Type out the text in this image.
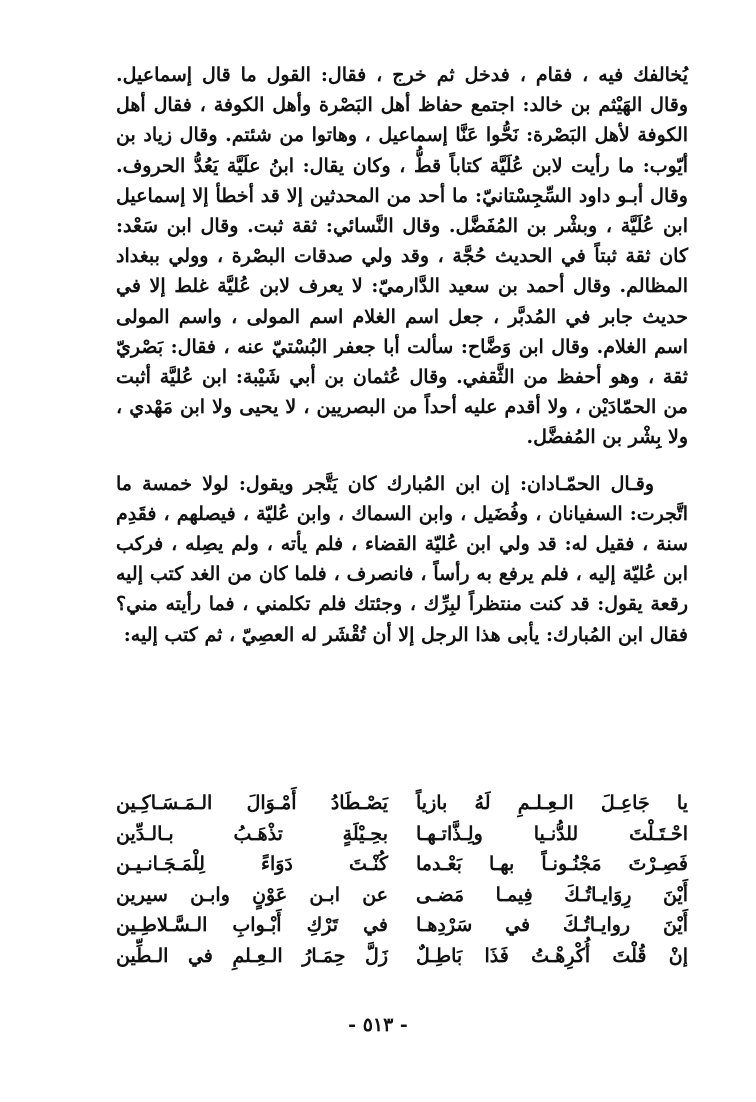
يُخالفك فيه ، فقام ، فدخل ثم خرج ، فقال: القول ما قال إسماعيل. وقال الهَيْثم بن خالد: اجتمع حفاظ أهل البَصْرة وأهل الكوفة ، فقال أهل الكوفة لأهل البَصْرة: نَحُّوا عَنَّا إسماعيل ، وهاتوا من شئتم. وقال زياد بن أيّوب: ما رأيت لابن عُلَيَّة كتاباً قطُّ ، وكان يقال: ابنُ علَيَّة يَعُدُّ الحروف. وقال أبـو داود السِّجِسْتانيّ: ما أحد من المحدثين إلا قد أخطأ إلا إسماعيل ابن عُلَيَّة ، وبشْر بن المُفَضَّل. وقال النَّسائي: ثقة ثبت. وقال ابن سَعْد: كان ثقة ثبتاً في الحديث حُجَّة ، وقد ولي صدقات البصْرة ، وولي ببغداد المظالم. وقال أحمد بن سعيد الدَّارميّ: لا يعرف لابن عُليَّة غلط إلا في حديث جابر في المُدبَّر ، جعل اسم الغلام اسم المولى ، واسم المولى اسم الغلام. وقال ابن وَضَّاح: سألت أبا جعفر البُسْتيّ عنه ، فقال: بَصْريّ ثقة ، وهو أحفظ من الثَّقفي. وقال عُثمان بن أبي شَيْبة: ابن عُليَّة أثبت من الحمّادَيْن ، ولا أقدم عليه أحداً من البصريين ، لا يحيى ولا ابن مَهْدي ، ولا بِشْر بن المُفضَّل.

وقـال الحمّـادان: إن ابن المُبارك كان يَتَّجر ويقول: لولا خمسة ما اتَّجرت: السفيانان ، وفُضَيل ، وابن السماك ، وابن عُليّة ، فيصلهم ، فقَدِم سنة ، فقيل له: قد ولي ابن عُليّة القضاء ، فلم يأته ، ولم يصِله ، فركب ابن عُليّة إليه ، فلم يرفع به رأساً ، فانصرف ، فلما كان من الغد كتب إليه رقعة يقول: قد كنت منتظراً لبِرِّك ، وجئتك فلم تكلمني ، فما رأيته مني؟ فقال ابن المُبارك: يأبى هذا الرجل إلا أن تُقْشَر له العصِيّ ، ثم كتب إليه:

يا جَاعِـلَ الـعِـلـمِ لَهُ بازياً
يَصْـطَادُ أَمْـوَالَ الـمَـسَـاكِـين
احْـتَـلْتَ للدُّنـيا ولِـذَّاتـهـا
بحِـيْلَةٍ تذْهَـبُ بـالـدِّين
فَصِـرْتَ مَجْنُـونـاً بهـا بَعْـدما
كُنْـتَ دَوَاءً لِلْمَـجَـانـيـن
أَيْنَ رِوَايـاتُـكَ فِيمـا مَضـى
عن ابـن عَوْنٍ وابـن سيرين
أَيْنَ روايـاتُـكَ في سَرْدِهـا
في تَرْكِ أَبْـوابِ الـسَّـلاطِـين
إنْ قُلْتَ أُكْرِهْـتُ فَذَا بَاطِـلٌ
زَلَّ حِمَـارُ الـعِـلمِ في الـطِّين
- ٥١٣ -
